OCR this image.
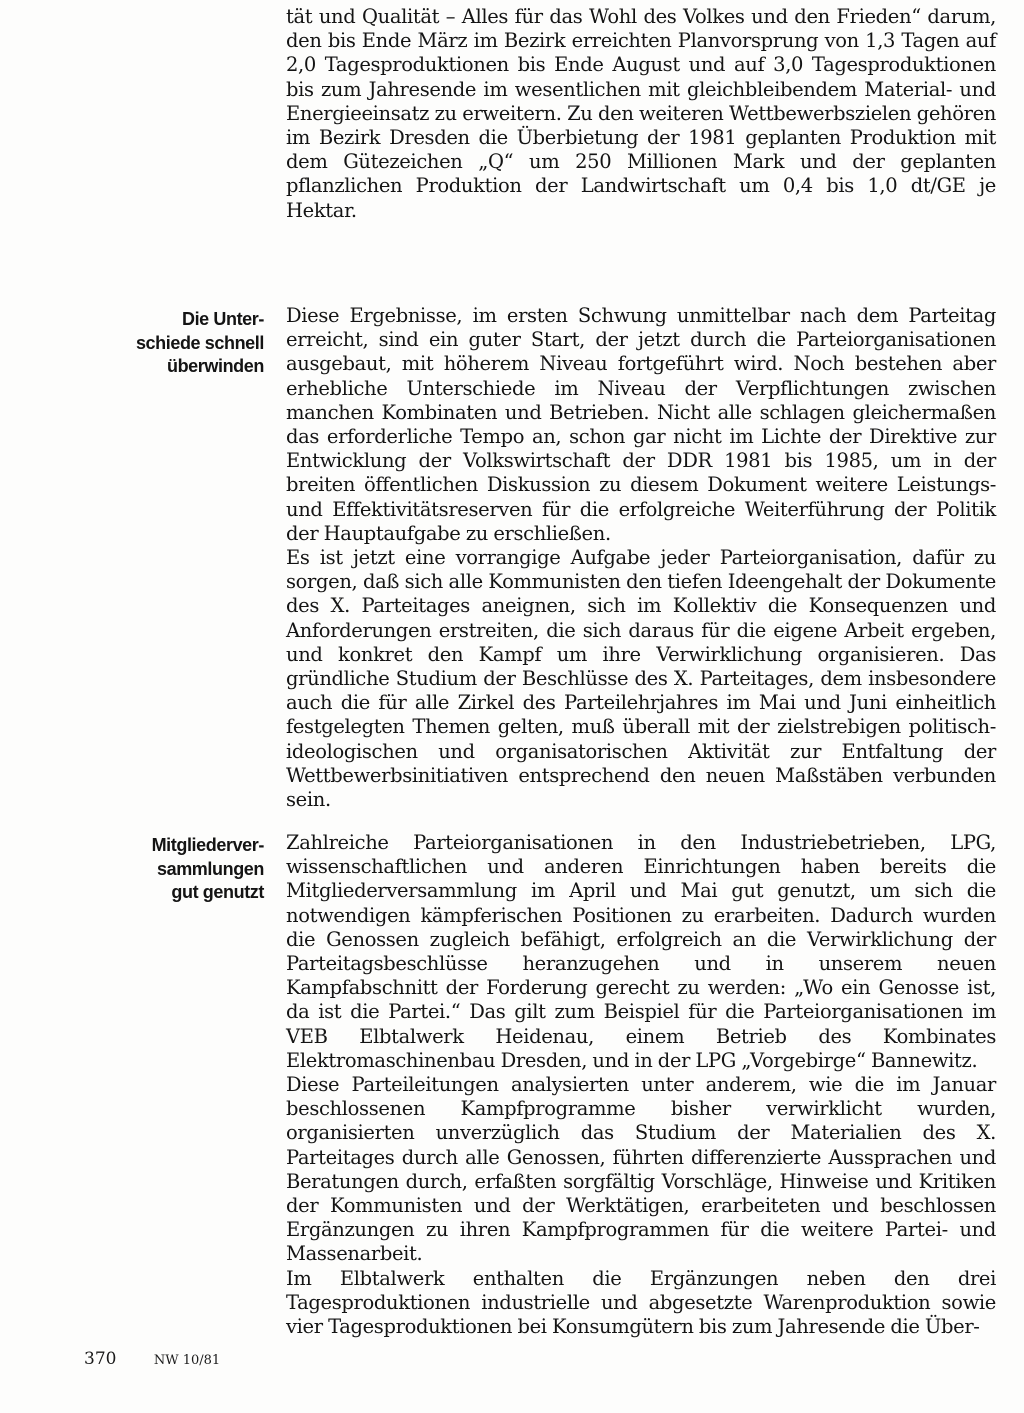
tät und Qualität – Alles für das Wohl des Volkes und den Frieden“ darum, den bis Ende März im Bezirk erreichten Planvorsprung von 1,3 Tagen auf 2,0 Tagesproduktionen bis Ende August und auf 3,0 Tagesproduktionen bis zum Jahresende im wesentlichen mit gleichbleibendem Material- und Energieeinsatz zu erweitern. Zu den weiteren Wettbewerbszielen gehören im Bezirk Dresden die Überbietung der 1981 geplanten Produktion mit dem Gütezeichen „Q“ um 250 Millionen Mark und der geplanten pflanzlichen Produktion der Landwirtschaft um 0,4 bis 1,0 dt/GE je Hektar.

Die Unter-
schiede schnell
überwinden

Diese Ergebnisse, im ersten Schwung unmittelbar nach dem Parteitag erreicht, sind ein guter Start, der jetzt durch die Parteiorganisationen ausgebaut, mit höherem Niveau fortgeführt wird. Noch bestehen aber erhebliche Unterschiede im Niveau der Verpflichtungen zwischen manchen Kombinaten und Betrieben. Nicht alle schlagen gleichermaßen das erforderliche Tempo an, schon gar nicht im Lichte der Direktive zur Entwicklung der Volkswirtschaft der DDR 1981 bis 1985, um in der breiten öffentlichen Diskussion zu diesem Dokument weitere Leistungs- und Effektivitätsreserven für die erfolgreiche Weiterführung der Politik der Hauptaufgabe zu erschließen.

Es ist jetzt eine vorrangige Aufgabe jeder Parteiorganisation, dafür zu sorgen, daß sich alle Kommunisten den tiefen Ideengehalt der Dokumente des X. Parteitages aneignen, sich im Kollektiv die Konsequenzen und Anforderungen erstreiten, die sich daraus für die eigene Arbeit ergeben, und konkret den Kampf um ihre Verwirklichung organisieren. Das gründliche Studium der Beschlüsse des X. Parteitages, dem insbesondere auch die für alle Zirkel des Parteilehrjahres im Mai und Juni einheitlich festgelegten Themen gelten, muß überall mit der zielstrebigen politisch-ideologischen und organisatorischen Aktivität zur Entfaltung der Wettbewerbsinitiativen entsprechend den neuen Maßstäben verbunden sein.

Mitgliederver-
sammlungen
gut genutzt

Zahlreiche Parteiorganisationen in den Industriebetrieben, LPG, wissenschaftlichen und anderen Einrichtungen haben bereits die Mitgliederversammlung im April und Mai gut genutzt, um sich die notwendigen kämpferischen Positionen zu erarbeiten. Dadurch wurden die Genossen zugleich befähigt, erfolgreich an die Verwirklichung der Parteitagsbeschlüsse heranzugehen und in unserem neuen Kampfabschnitt der Forderung gerecht zu werden: „Wo ein Genosse ist, da ist die Partei.“ Das gilt zum Beispiel für die Parteiorganisationen im VEB Elbtalwerk Heidenau, einem Betrieb des Kombinates Elektromaschinenbau Dresden, und in der LPG „Vorgebirge“ Bannewitz.

Diese Parteileitungen analysierten unter anderem, wie die im Januar beschlossenen Kampfprogramme bisher verwirklicht wurden, organisierten unverzüglich das Studium der Materialien des X. Parteitages durch alle Genossen, führten differenzierte Aussprachen und Beratungen durch, erfaßten sorgfältig Vorschläge, Hinweise und Kritiken der Kommunisten und der Werktätigen, erarbeiteten und beschlossen Ergänzungen zu ihren Kampfprogrammen für die weitere Partei- und Massenarbeit.

Im Elbtalwerk enthalten die Ergänzungen neben den drei Tagesproduktionen industrielle und abgesetzte Warenproduktion sowie vier Tagesproduktionen bei Konsumgütern bis zum Jahresende die Über-

370	NW 10/81
